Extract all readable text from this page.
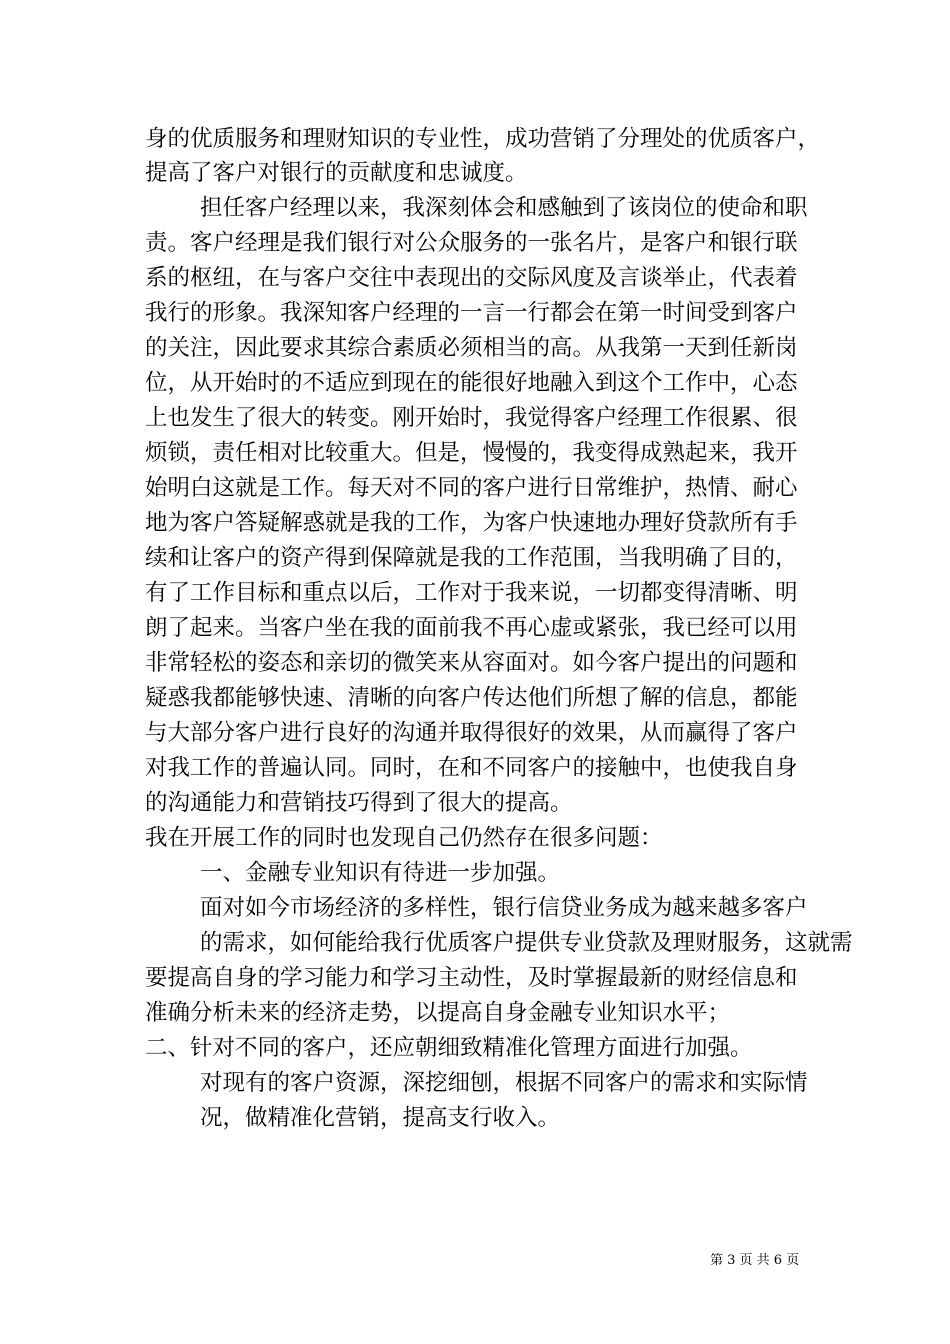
身的优质服务和理财知识的专业性，成功营销了分理处的优质客户，
提高了客户对银行的贡献度和忠诚度。
担任客户经理以来，我深刻体会和感触到了该岗位的使命和职
责。客户经理是我们银行对公众服务的一张名片，是客户和银行联
系的枢纽，在与客户交往中表现出的交际风度及言谈举止，代表着
我行的形象。我深知客户经理的一言一行都会在第一时间受到客户
的关注，因此要求其综合素质必须相当的高。从我第一天到任新岗
位，从开始时的不适应到现在的能很好地融入到这个工作中，心态
上也发生了很大的转变。刚开始时，我觉得客户经理工作很累、很
烦锁，责任相对比较重大。但是，慢慢的，我变得成熟起来，我开
始明白这就是工作。每天对不同的客户进行日常维护，热情、耐心
地为客户答疑解惑就是我的工作，为客户快速地办理好贷款所有手
续和让客户的资产得到保障就是我的工作范围，当我明确了目的，
有了工作目标和重点以后，工作对于我来说，一切都变得清晰、明
朗了起来。当客户坐在我的面前我不再心虚或紧张，我已经可以用
非常轻松的姿态和亲切的微笑来从容面对。如今客户提出的问题和
疑惑我都能够快速、清晰的向客户传达他们所想了解的信息，都能
与大部分客户进行良好的沟通并取得很好的效果，从而赢得了客户
对我工作的普遍认同。同时，在和不同客户的接触中，也使我自身
的沟通能力和营销技巧得到了很大的提高。
我在开展工作的同时也发现自己仍然存在很多问题：
一、金融专业知识有待进一步加强。
面对如今市场经济的多样性，银行信贷业务成为越来越多客户
的需求，如何能给我行优质客户提供专业贷款及理财服务，这就需
要提高自身的学习能力和学习主动性，及时掌握最新的财经信息和
准确分析未来的经济走势，以提高自身金融专业知识水平；
二、针对不同的客户，还应朝细致精准化管理方面进行加强。
对现有的客户资源，深挖细刨，根据不同客户的需求和实际情
况，做精准化营销，提高支行收入。
第 3 页 共 6 页
